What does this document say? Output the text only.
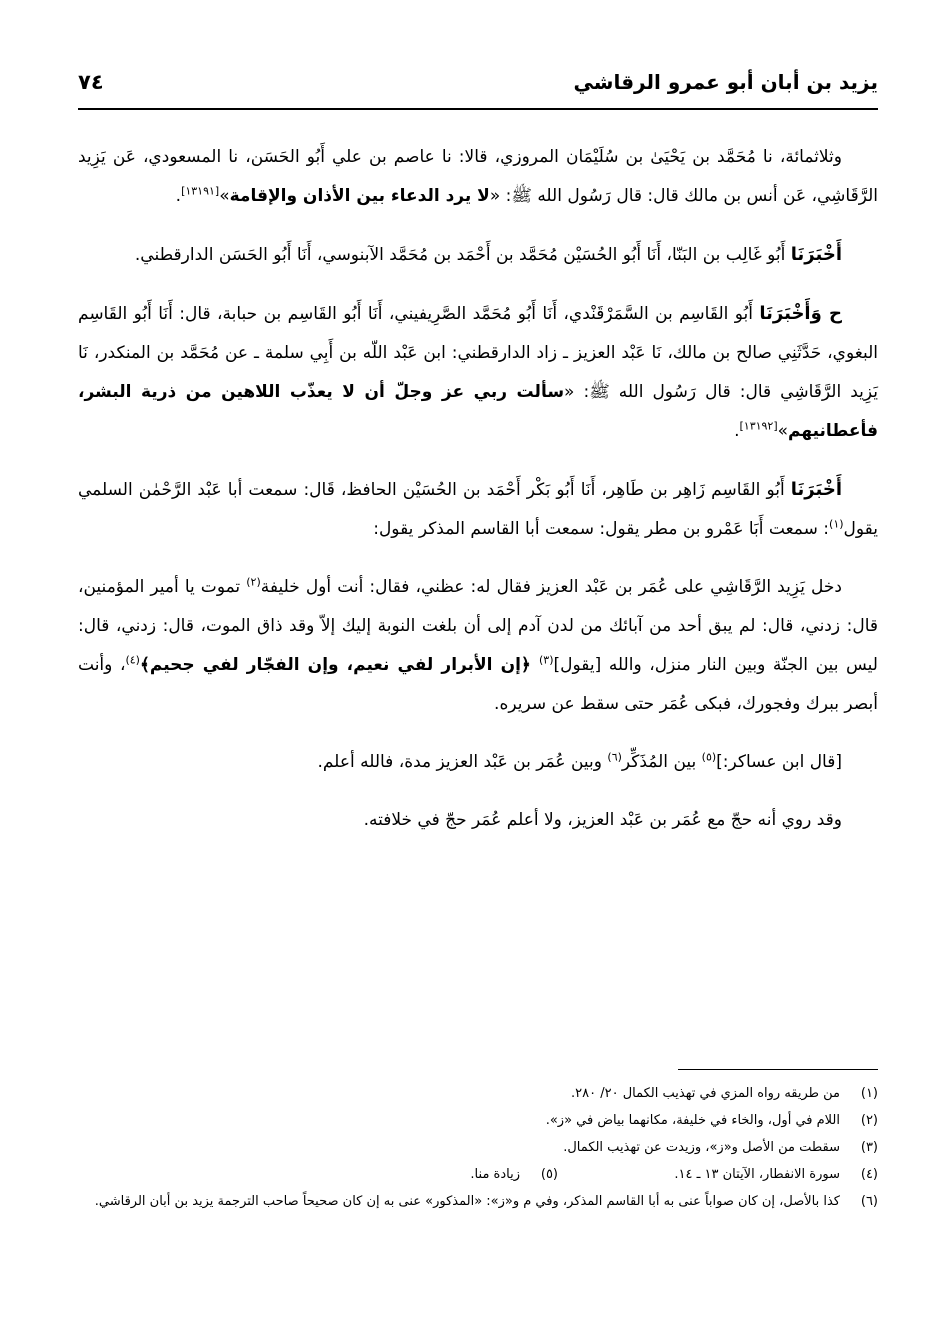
يزيد بن أبان أبو عمرو الرقاشي
٧٤

وثلاثمائة، نا مُحَمَّد بن يَحْيَىٰ بن سُلَيْمَان المروزي، قالا: نا عاصم بن علي أَبُو الحَسَن، نا المسعودي، عَن يَزِيد الرَّقَاشِي، عَن أنس بن مالك قال: قال رَسُول الله ﷺ: «لا يرد الدعاء بين الأذان والإقامة»[١٣١٩١].

أَخْبَرَنَا أَبُو غَالِب بن البَنّا، أَنَا أَبُو الحُسَيْن مُحَمَّد بن أَحْمَد بن مُحَمَّد الآبنوسي، أَنَا أَبُو الحَسَن الدارقطني.

ح وَأَخْبَرَنَا أَبُو القَاسِم بن السَّمَرْقَنْدي، أَنَا أَبُو مُحَمَّد الصَّرِيفيني، أَنَا أَبُو القَاسِم بن حبابة، قال: أَنَا أَبُو القَاسِم البغوي، حَدَّثَنِي صالح بن مالك، نَا عَبْد العزيز ـ زاد الدارقطني: ابن عَبْد اللّه بن أَبِي سلمة ـ عن مُحَمَّد بن المنكدر، نَا يَزِيد الرَّقَاشِي قال: قال رَسُول الله ﷺ: «سألت ربي عز وجلّ أن لا يعذّب اللاهين من ذرية البشر، فأعطانيهم»[١٣١٩٢].

أَخْبَرَنَا أَبُو القَاسِم زَاهِر بن طَاهِر، أَنَا أَبُو بَكْر أَحْمَد بن الحُسَيْن الحافظ، قَال: سمعت أبا عَبْد الرَّحْمٰن السلمي يقول$^{(١)}$: سمعت أَبَا عَمْرو بن مطر يقول: سمعت أبا القاسم المذكر يقول:

دخل يَزِيد الرَّقَاشِي على عُمَر بن عَبْد العزيز فقال له: عظني، فقال: أنت أول خليفة$^{(٢)}$ تموت يا أمير المؤمنين، قال: زدني، قال: لم يبق أحد من آبائك من لدن آدم إلى أن بلغت النوبة إليك إلاّ وقد ذاق الموت، قال: زدني، قال: ليس بين الجنّة وبين النار منزل، والله [يقول]$^{(٣)}$ ﴿إن الأبرار لفي نعيم، وإن الفجّار لفي جحيم﴾$^{(٤)}$، وأنت أبصر ببرك وفجورك، فبكى عُمَر حتى سقط عن سريره.

[قال ابن عساكر:]$^{(٥)}$ بين المُذَكِّر$^{(٦)}$ وبين عُمَر بن عَبْد العزيز مدة، فالله أعلم.

وقد روي أنه حجّ مع عُمَر بن عَبْد العزيز، ولا أعلم عُمَر حجّ في خلافته.

(١)
من طريقه رواه المزي في تهذيب الكمال ٢٠/ ٢٨٠.
(٢)
اللام في أول، والخاء في خليفة، مكانهما بياض في «ز».
(٣)
سقطت من الأصل و«ز»، وزيدت عن تهذيب الكمال.
(٤)
سورة الانفطار، الآيتان ١٣ ـ ١٤.
(٥)
زيادة منا.
(٦)
كذا بالأصل، إن كان صواباً عنى به أبا القاسم المذكر، وفي م و«ز»: «المذكور» عنى به إن كان صحيحاً صاحب الترجمة يزيد بن أبان الرقاشي.
